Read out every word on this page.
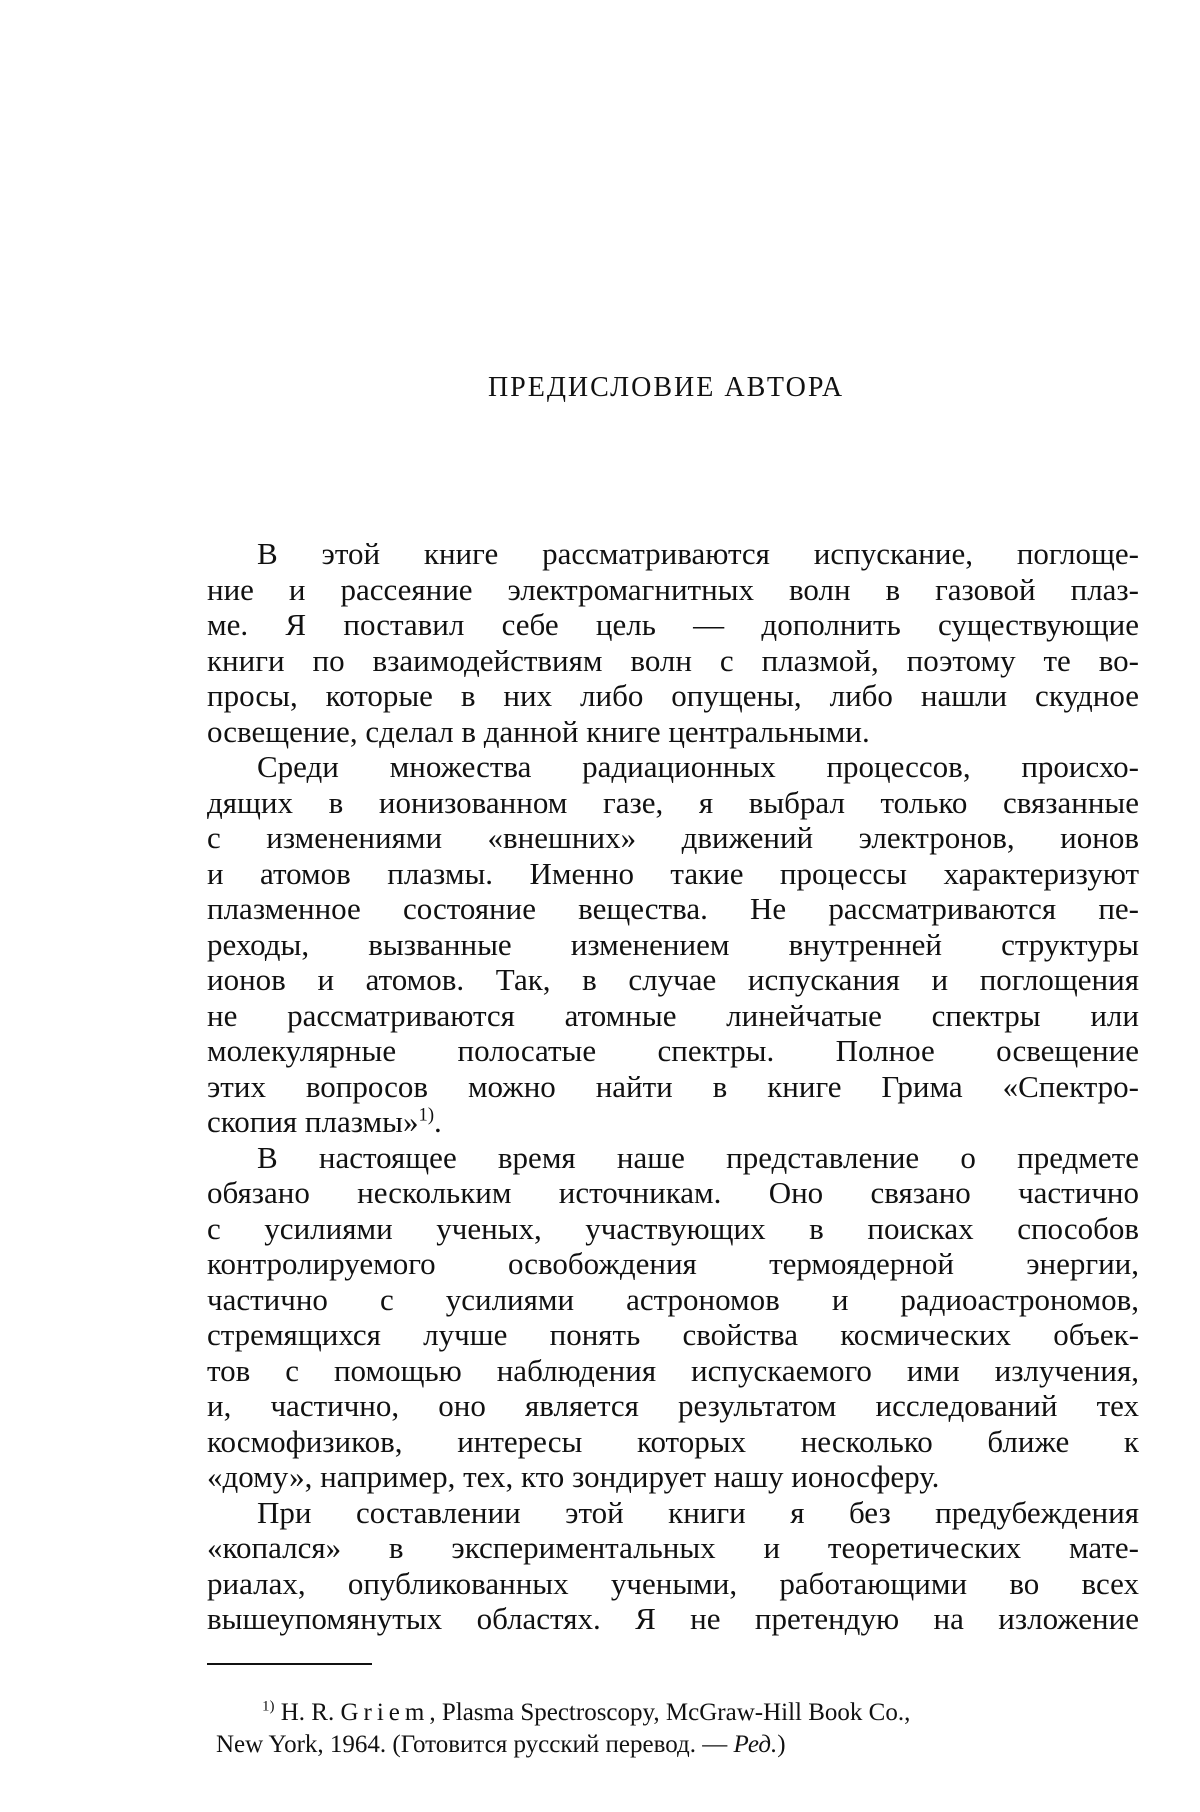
ПРЕДИСЛОВИЕ АВТОРА
В этой книге рассматриваются испускание, поглоще-
ние и рассеяние электромагнитных волн в газовой плаз-
ме. Я поставил себе цель — дополнить существующие
книги по взаимодействиям волн с плазмой, поэтому те во-
просы, которые в них либо опущены, либо нашли скудное
освещение, сделал в данной книге центральными.
Среди множества радиационных процессов, происхо-
дящих в ионизованном газе, я выбрал только связанные
с изменениями «внешних» движений электронов, ионов
и атомов плазмы. Именно такие процессы характеризуют
плазменное состояние вещества. Не рассматриваются пе-
реходы, вызванные изменением внутренней структуры
ионов и атомов. Так, в случае испускания и поглощения
не рассматриваются атомные линейчатые спектры или
молекулярные полосатые спектры. Полное освещение
этих вопросов можно найти в книге Грима «Спектро-
скопия плазмы»$^{1)}$.
В настоящее время наше представление о предмете
обязано нескольким источникам. Оно связано частично
с усилиями ученых, участвующих в поисках способов
контролируемого освобождения термоядерной энергии,
частично с усилиями астрономов и радиоастрономов,
стремящихся лучше понять свойства космических объек-
тов с помощью наблюдения испускаемого ими излучения,
и, частично, оно является результатом исследований тех
космофизиков, интересы которых несколько ближе к
«дому», например, тех, кто зондирует нашу ионосферу.
При составлении этой книги я без предубеждения
«копался» в экспериментальных и теоретических мате-
риалах, опубликованных учеными, работающими во всех
вышеупомянутых областях. Я не претендую на изложение
$^{1)}$ H. R. Griem, Plasma Spectroscopy, McGraw-Hill Book Co.,
New York, 1964. (Готовится русский перевод. — Ред.)
